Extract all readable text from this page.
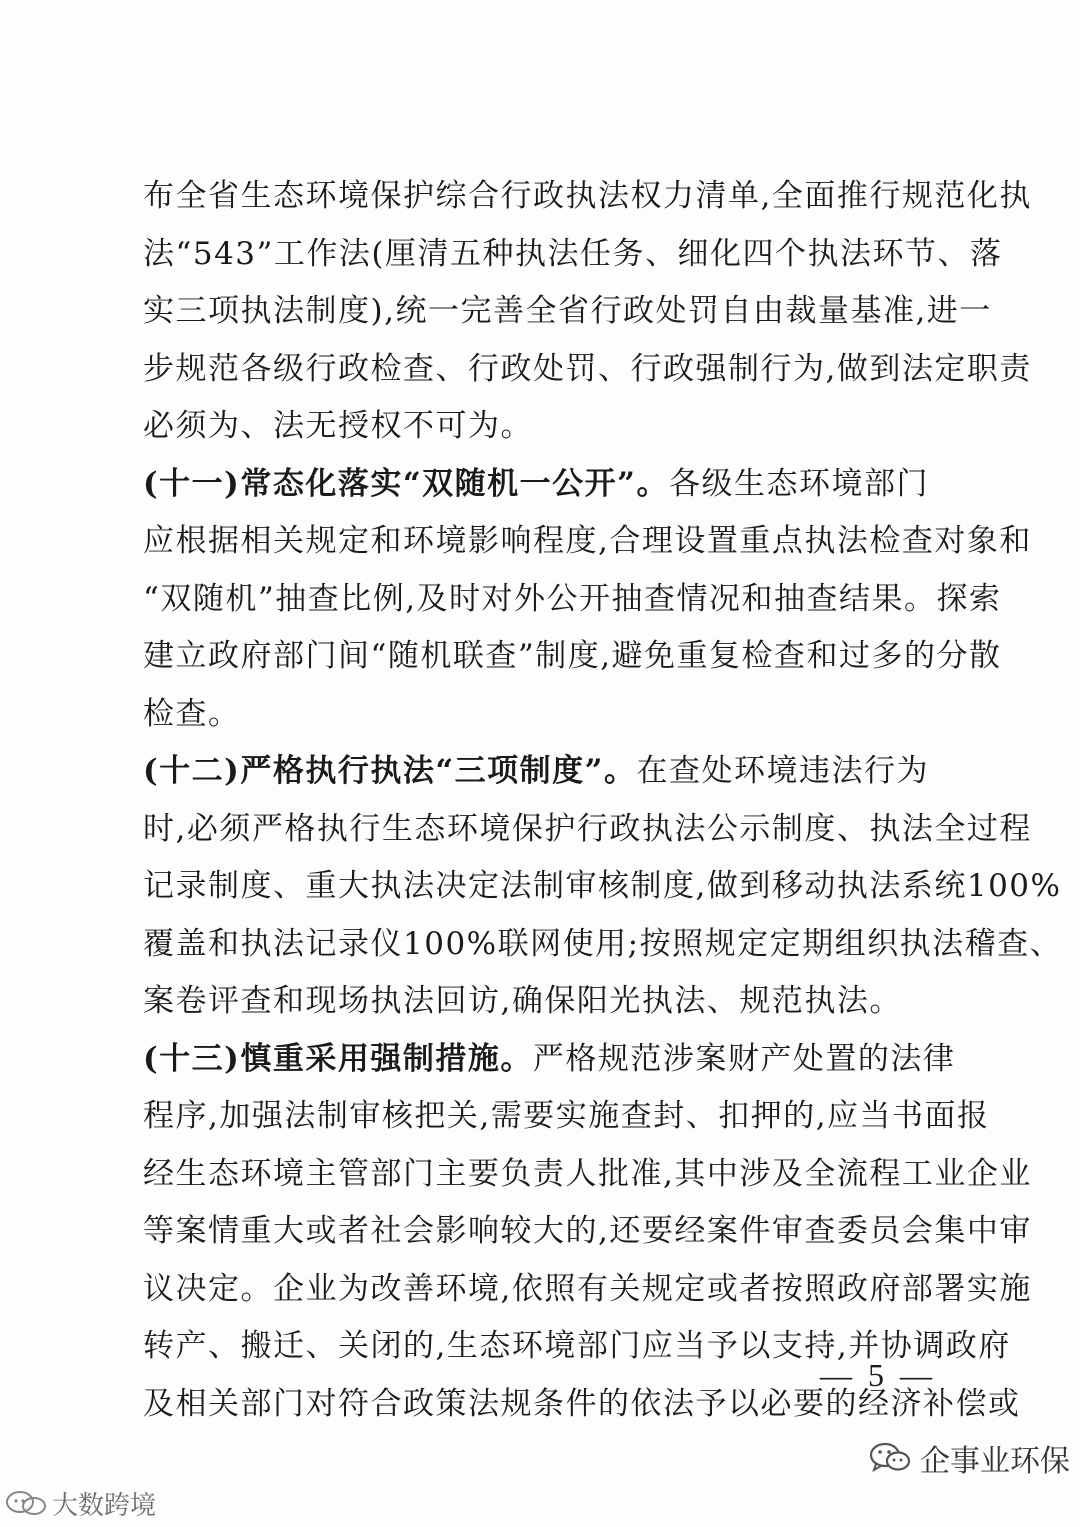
布全省生态环境保护综合行政执法权力清单,全面推行规范化执
法“543”工作法(厘清五种执法任务、细化四个执法环节、落
实三项执法制度),统一完善全省行政处罚自由裁量基准,进一
步规范各级行政检查、行政处罚、行政强制行为,做到法定职责
必须为、法无授权不可为。
(十一)常态化落实“双随机一公开”。各级生态环境部门
应根据相关规定和环境影响程度,合理设置重点执法检查对象和
“双随机”抽查比例,及时对外公开抽查情况和抽查结果。探索
建立政府部门间“随机联查”制度,避免重复检查和过多的分散
检查。
(十二)严格执行执法“三项制度”。在查处环境违法行为
时,必须严格执行生态环境保护行政执法公示制度、执法全过程
记录制度、重大执法决定法制审核制度,做到移动执法系统100%
覆盖和执法记录仪100%联网使用;按照规定定期组织执法稽查、
案卷评查和现场执法回访,确保阳光执法、规范执法。
(十三)慎重采用强制措施。严格规范涉案财产处置的法律
程序,加强法制审核把关,需要实施查封、扣押的,应当书面报
经生态环境主管部门主要负责人批准,其中涉及全流程工业企业
等案情重大或者社会影响较大的,还要经案件审查委员会集中审
议决定。企业为改善环境,依照有关规定或者按照政府部署实施
转产、搬迁、关闭的,生态环境部门应当予以支持,并协调政府
及相关部门对符合政策法规条件的依法予以必要的经济补偿或
— 5 —
大数跨境
企事业环保
